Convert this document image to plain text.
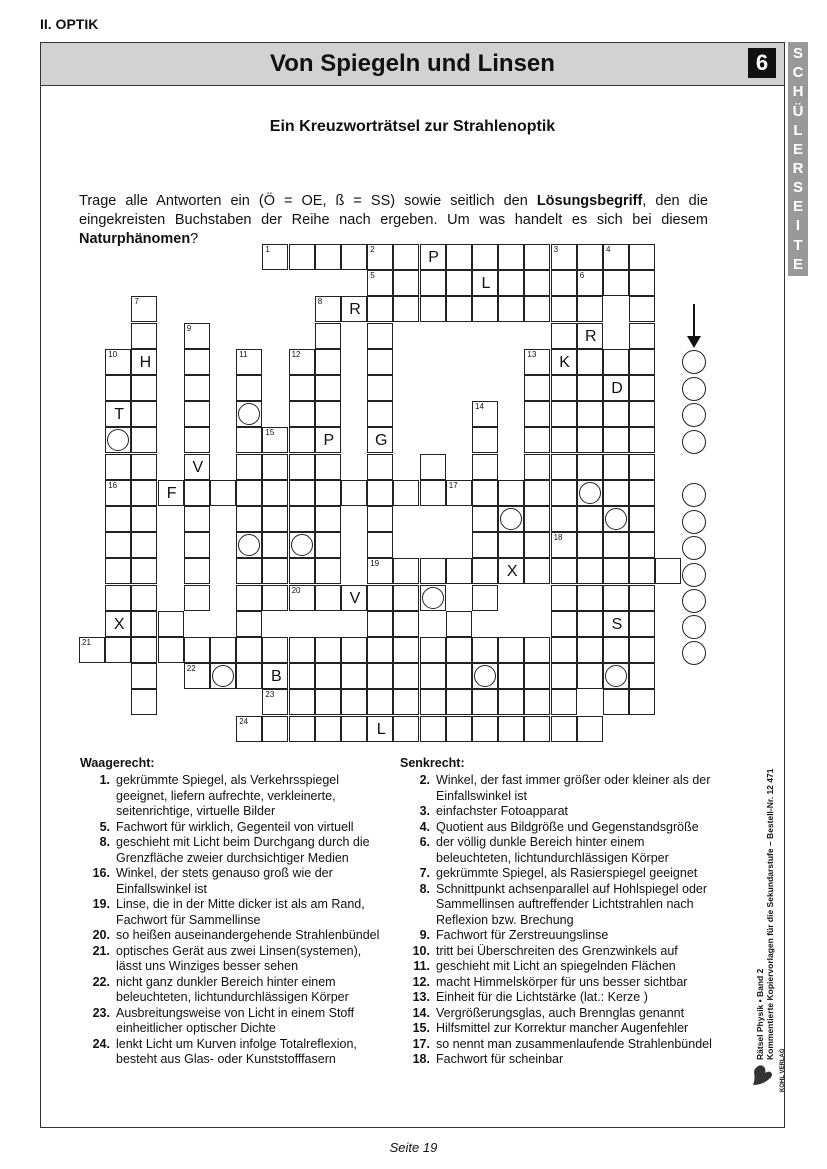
II. OPTIK
Von Spiegeln und Linsen	6	S
C
H
Ü
L
E
R
S
E
I
T
E
Ein Kreuzworträtsel zur Strahlenoptik
Trage alle Antworten ein (Ö = OE, ß = SS) sowie seitlich den Lösungsbegriff, den die eingekreisten Buchstaben der Reihe nach ergeben. Um was handelt es sich bei diesem Naturphänomen?
1	2	P	3	4
5	L	6
8	R
16	F	17
19	X
20	V
21
22	B
23
24	L
R
7
H
9
V
10
T
X
11	12
G
D
S
P
13
14
K
18
15
Waagerecht:
1. gekrümmte Spiegel, als Verkehrsspiegel geeignet, liefern aufrechte, verkleinerte, seitenrichtige, virtuelle Bilder
5. Fachwort für wirklich, Gegenteil von virtuell
8. geschieht mit Licht beim Durchgang durch die Grenzfläche zweier durchsichtiger Medien
16. Winkel, der stets genauso groß wie der Einfallswinkel ist
19. Linse, die in der Mitte dicker ist als am Rand, Fachwort für Sammellinse
20. so heißen auseinandergehende Strahlenbündel
21. optisches Gerät aus zwei Linsen(systemen), lässt uns Winziges besser sehen
22. nicht ganz dunkler Bereich hinter einem beleuchteten, lichtundurchlässigen Körper
23. Ausbreitungsweise von Licht in einem Stoff einheitlicher optischer Dichte
24. lenkt Licht um Kurven infolge Totalreflexion, besteht aus Glas- oder Kunststofffasern
Senkrecht:
2. Winkel, der fast immer größer oder kleiner als der Einfallswinkel ist
3. einfachster Fotoapparat
4. Quotient aus Bildgröße und Gegenstandsgröße
6. der völlig dunkle Bereich hinter einem beleuchteten, lichtundurchlässigen Körper
7. gekrümmte Spiegel, als Rasierspiegel geeignet
8. Schnittpunkt achsenparallel auf Hohlspiegel oder Sammellinsen auftreffender Lichtstrahlen nach Reflexion bzw. Brechung
9. Fachwort für Zerstreuungslinse
10. tritt bei Überschreiten des Grenzwinkels auf
11. geschieht mit Licht an spiegelnden Flächen
12. macht Himmelskörper für uns besser sichtbar
13. Einheit für die Lichtstärke (lat.: Kerze )
14. Vergrößerungsglas, auch Brennglas genannt
15. Hilfsmittel zur Korrektur mancher Augenfehler
17. so nennt man zusammenlaufende Strahlenbündel
18. Fachwort für scheinbar	Rätsel Physik • Band 2 Kommentierte Kopiervorlagen für die Sekundarstufe – Bestell-Nr. 12 471
KOHL VERLAG
Seite 19
